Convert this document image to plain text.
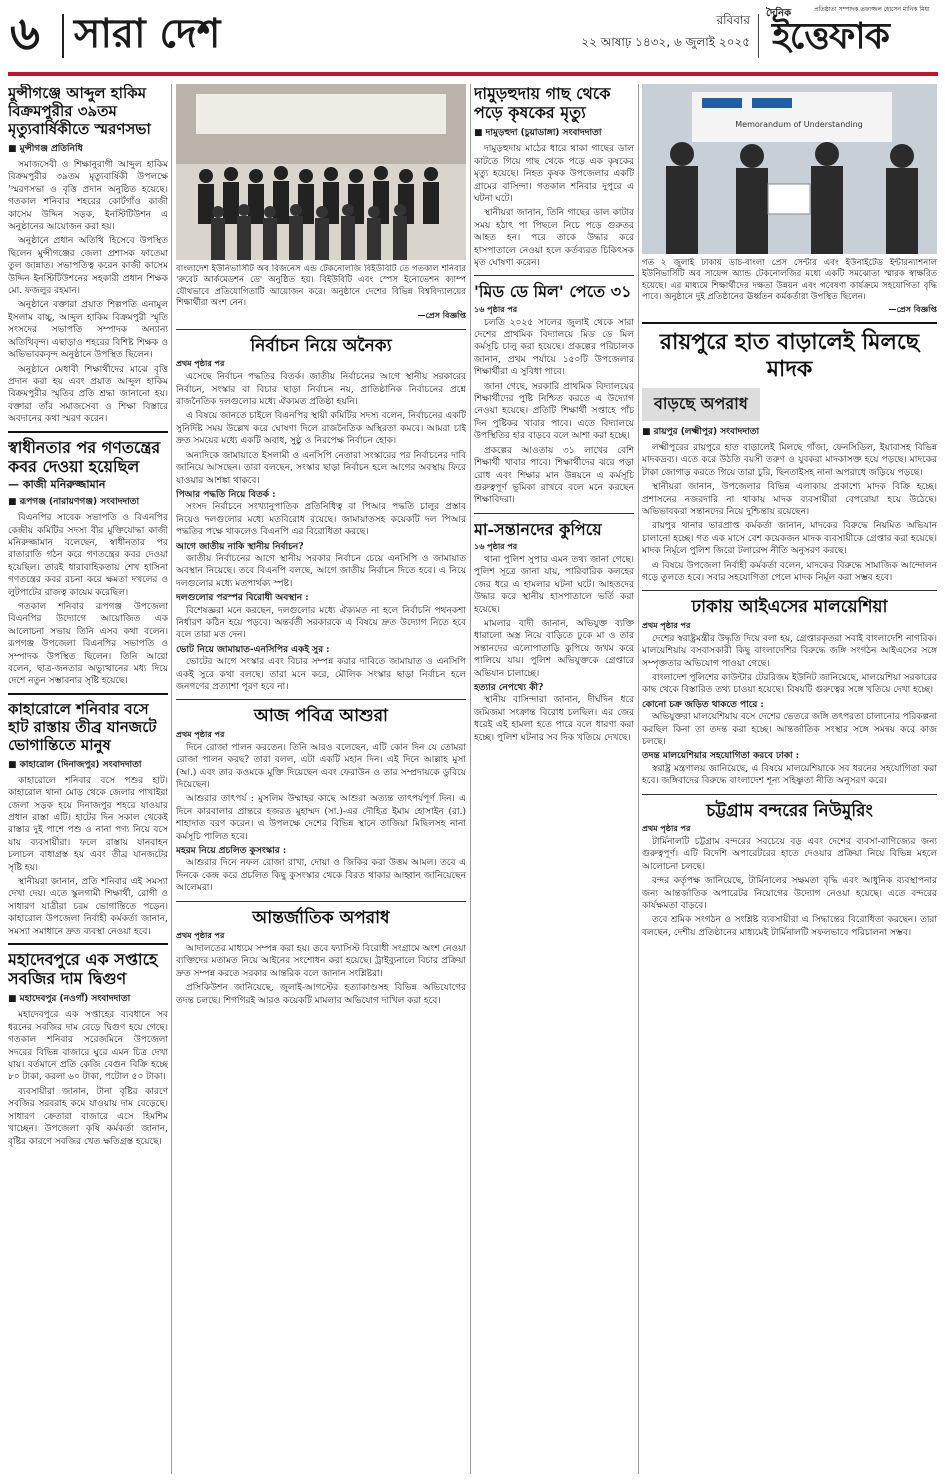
৬ সারা দেশ	রবিবার
২২ আষাঢ় ১৪৩২, ৬ জুলাই ২০২৫
দৈনিক	প্রতিষ্ঠাতা সম্পাদক তফাজ্জল হোসেন মানিক মিয়া
ইত্তেফাক
মুন্সীগঞ্জে আব্দুল হাকিম বিক্রমপুরীর ৩৯তম মৃত্যুবার্ষিকীতে স্মরণসভা
■ মুন্সীগঞ্জ প্রতিনিধি

সমাজসেবী ও শিক্ষানুরাগী আব্দুল হাকিম বিক্রমপুরীর ৩৯তম মৃত্যুবার্ষিকী উপলক্ষে 'স্মরণসভা ও বৃত্তি প্রদান অনুষ্ঠিত হয়েছে। গতকাল শনিবার শহরের কোর্টগাঁও কাজী কাসেম উদ্দিন সড়ক, ইনস্টিটিউশন এ অনুষ্ঠানের আয়োজন করা হয়।

অনুষ্ঠানে প্রধান অতিথি হিসেবে উপস্থিত ছিলেন মুন্সীগঞ্জের জেলা প্রশাসক ফাতেমা তুল জান্নাত। সভাপতিত্ব করেন কাজী কাসেম উদ্দিন ইনস্টিটিউশনের সহকারী প্রধান শিক্ষক মো. ফজলুর রহমান।

অনুষ্ঠানে বক্তারা প্রয়াত শিল্পপতি এনামুল ইসলাম বাচ্চু, আব্দুল হাকিম বিক্রমপুরী স্মৃতি সংসদের সভাপতি সম্পাদক অন্যান্য অতিথিবৃন্দ। এছাড়াও শহরের বিশিষ্ট শিক্ষক ও অভিভাবকবৃন্দ অনুষ্ঠানে উপস্থিত ছিলেন।

অনুষ্ঠানে মেধাবী শিক্ষার্থীদের মাঝে বৃত্তি প্রদান করা হয় এবং প্রয়াত আব্দুল হাকিম বিক্রমপুরীর স্মৃতির প্রতি শ্রদ্ধা জানানো হয়। বক্তারা তাঁর সমাজসেবা ও শিক্ষা বিস্তারে অবদানের কথা স্মরণ করেন।

স্বাধীনতার পর গণতন্ত্রের কবর দেওয়া হয়েছিল
— কাজী মনিরুজ্জামান
■ রূপগঞ্জ (নারায়ণগঞ্জ) সংবাদদাতা

বিএনপির সাবেক সভাপতি ও বিএনপির কেন্দ্রীয় কমিটির সদস্য বীর মুক্তিযোদ্ধা কাজী মনিরুজ্জামান বলেছেন, স্বাধীনতার পর রাতারাতি গঠন করে গণতন্ত্রের কবর দেওয়া হয়েছিল। তারই ধারাবাহিকতায় শেখ হাসিনা গণতন্ত্রের কবর রচনা করে ক্ষমতা দখলের ও লুটপাটের রাজত্ব কায়েম করেছিল।

গতকাল শনিবার রূপগঞ্জ উপজেলা বিএনপির উদ্যোগে আয়োজিত এক আলোচনা সভায় তিনি এসব কথা বলেন। রূপগঞ্জ উপজেলা বিএনপির সভাপতি ও সম্পাদক উপস্থিত ছিলেন। তিনি আরো বলেন, ছাত্র-জনতার অভ্যুত্থানের মধ্য দিয়ে দেশে নতুন সম্ভাবনার সৃষ্টি হয়েছে।

কাহারোলে শনিবার বসে হাট রাস্তায় তীব্র যানজটে ভোগান্তিতে মানুষ
■ কাহারোল (দিনাজপুর) সংবাদদাতা

কাহারোলে শনিবার বসে পশুর হাট। কাহারোল থানা মোড় থেকে জেলার পাখাইরা জেলা সড়ক হয়ে দিনাজপুর শহরে যাওয়ার প্রধান রাস্তা এটি। হাটের দিন সকাল থেকেই রাস্তার দুই পাশে পশু ও নানা পণ্য নিয়ে বসে যায় ব্যবসায়ীরা। ফলে রাস্তায় যানবাহন চলাচল বাধাগ্রস্ত হয় এবং তীব্র যানজটের সৃষ্টি হয়।

স্থানীয়রা জানান, প্রতি শনিবার এই সমস্যা দেখা দেয়। এতে স্কুলগামী শিক্ষার্থী, রোগী ও সাধারণ যাত্রীরা চরম ভোগান্তিতে পড়েন। কাহারোল উপজেলা নির্বাহী কর্মকর্তা জানান, সমস্যা সমাধানে দ্রুত ব্যবস্থা নেওয়া হবে।

মহাদেবপুরে এক সপ্তাহে সবজির দাম দ্বিগুণ
■ মহাদেবপুর (নওগাঁ) সংবাদদাতা

মহাদেবপুরে এক সপ্তাহের ব্যবধানে সব ধরনের সবজির দাম বেড়ে দ্বিগুণ হয়ে গেছে। গতকাল শনিবার সরেজমিনে উপজেলা সদরের বিভিন্ন বাজারে ঘুরে এমন চিত্র দেখা যায়। বর্তমানে প্রতি কেজি বেগুন বিক্রি হচ্ছে ৮০ টাকা, করলা ৬০ টাকা, পটোল ৫০ টাকা।

ব্যবসায়ীরা জানান, টানা বৃষ্টির কারণে সবজির সরবরাহ কমে যাওয়ায় দাম বেড়েছে। সাধারণ ক্রেতারা বাজারে এসে হিমশিম খাচ্ছেন। উপজেলা কৃষি কর্মকর্তা জানান, বৃষ্টির কারণে সবজির খেত ক্ষতিগ্রস্ত হয়েছে।

বাংলাদেশ ইউনিভার্সিটি অব বিজনেস এন্ড টেকনোলজি বিইউবিটি তে গতকাল শনিবার 'রুবেট আর্কমেডশন ডে' অনুষ্ঠিত হয়। বিইউবিটি এবং স্পেস ইনোভেশন ক্যাম্প যৌথভাবে প্রতিযোগিতাটি আয়োজন করে। অনুষ্ঠানে দেশের বিভিন্ন বিশ্ববিদ্যালয়ের শিক্ষার্থীরা অংশ নেন।
—প্রেস বিজ্ঞপ্তি
নির্বাচন নিয়ে অনৈক্য
প্রথম পৃষ্ঠার পর

এসেছে নির্বাচন পদ্ধতির বিতর্ক। জাতীয় নির্বাচনের আগে স্থানীয় সরকারের নির্বাচন, সংস্কার বা বিচার ছাড়া নির্বাচন নয়, প্রাতিষ্ঠানিক নির্বাচনের প্রশ্নে রাজনৈতিক দলগুলোর মধ্যে ঐক্যমত প্রতিষ্ঠা হয়নি।

এ বিষয়ে জানতে চাইলে বিএনপির স্থায়ী কমিটির সদস্য বলেন, নির্বাচনের একটি সুনির্দিষ্ট সময় উল্লেখ করে ঘোষণা দিলে রাজনৈতিক অস্থিরতা কমবে। আমরা চাই দ্রুত সময়ের মধ্যে একটি অবাধ, সুষ্ঠু ও নিরপেক্ষ নির্বাচন হোক।

অন্যদিকে জামায়াতে ইসলামী ও এনসিপি নেতারা সংস্কারের পর নির্বাচনের দাবি জানিয়ে আসছেন। তারা বলছেন, সংস্কার ছাড়া নির্বাচন হলে আগের অবস্থায় ফিরে যাওয়ার আশঙ্কা থাকবে।

পিআর পদ্ধতি নিয়ে বিতর্ক :

সংসদ নির্বাচনে সংখ্যানুপাতিক প্রতিনিধিত্ব বা পিআর পদ্ধতি চালুর প্রস্তাব নিয়েও দলগুলোর মধ্যে মতবিরোধ রয়েছে। জামায়াতসহ কয়েকটি দল পিআর পদ্ধতির পক্ষে থাকলেও বিএনপি এর বিরোধিতা করছে।

আগে জাতীয় নাকি স্থানীয় নির্বাচন?

জাতীয় নির্বাচনের আগে স্থানীয় সরকার নির্বাচন চেয়ে এনসিপি ও জামায়াত অবস্থান নিয়েছে। তবে বিএনপি বলছে, আগে জাতীয় নির্বাচন দিতে হবে। এ নিয়ে দলগুলোর মধ্যে মতপার্থক্য স্পষ্ট।

দলগুলোর পরস্পর বিরোধী অবস্থান :

বিশেষজ্ঞরা মনে করছেন, দলগুলোর মধ্যে ঐক্যমত না হলে নির্বাচনি পথনকশা নির্ধারণ কঠিন হয়ে পড়বে। অন্তর্বর্তী সরকারকে এ বিষয়ে দ্রুত উদ্যোগ নিতে হবে বলে তারা মত দেন।

ভোট নিয়ে জামায়াত-এনসিপির একই সুর :

ভোটের আগে সংস্কার এবং বিচার সম্পন্ন করার দাবিতে জামায়াত ও এনসিপি একই সুরে কথা বলছে। তারা মনে করে, মৌলিক সংস্কার ছাড়া নির্বাচন হলে জনগণের প্রত্যাশা পূরণ হবে না।

আজ পবিত্র আশুরা
প্রথম পৃষ্ঠার পর

দিনে রোজা পালন করতেন। তিনি আরও বলেছেন, এটি কোন দিন যে তোমরা রোজা পালন করছ? তারা বলল, এটা একটি মহান দিন। এই দিনে আল্লাহ মুসা (আ.) এবং তার কওমকে মুক্তি দিয়েছেন এবং ফেরাউন ও তার সম্প্রদায়কে ডুবিয়ে দিয়েছেন।

আশুরার তাৎপর্য : মুসলিম উম্মাহর কাছে আশুরা অত্যন্ত তাৎপর্যপূর্ণ দিন। এ দিনে কারবালার প্রান্তরে হজরত মুহাম্মদ (সা.)-এর দৌহিত্র ইমাম হোসাইন (রা.) শাহাদাত বরণ করেন। এ উপলক্ষে দেশের বিভিন্ন স্থানে তাজিয়া মিছিলসহ নানা কর্মসূচি পালিত হবে।

মহরম নিয়ে প্রচলিত কুসংস্কার :

আশুরার দিনে নফল রোজা রাখা, দোয়া ও জিকির করা উত্তম আমল। তবে এ দিনকে কেন্দ্র করে প্রচলিত কিছু কুসংস্কার থেকে বিরত থাকার আহ্বান জানিয়েছেন আলেমরা।

আন্তর্জাতিক অপরাধ
প্রথম পৃষ্ঠার পর

আদালতের মাধ্যমে সম্পন্ন করা হয়। তবে ফ্যাসিস্ট বিরোধী সংগ্রামে অংশ নেওয়া ব্যক্তিদের মতামত নিয়ে আইনের সংশোধন করা হয়েছে। ট্রাইব্যুনালে বিচার প্রক্রিয়া দ্রুত সম্পন্ন করতে সরকার আন্তরিক বলে জানান সংশ্লিষ্টরা।

প্রসিকিউশন জানিয়েছে, জুলাই-আগস্টের হত্যাকাণ্ডসহ বিভিন্ন অভিযোগের তদন্ত চলছে। শিগগিরই আরও কয়েকটি মামলার অভিযোগ দাখিল করা হবে।

দামুড়হুদায় গাছ থেকে পড়ে কৃষকের মৃত্যু
■ দামুড়হুদা (চুয়াডাঙ্গা) সংবাদদাতা

দামুড়হুদায় মাঠের ধারে থাকা গাছের ডাল কাটতে গিয়ে গাছ থেকে পড়ে এক কৃষকের মৃত্যু হয়েছে। নিহত কৃষক উপজেলার একটি গ্রামের বাসিন্দা। গতকাল শনিবার দুপুরে এ ঘটনা ঘটে।

স্থানীয়রা জানান, তিনি গাছের ডাল কাটার সময় হঠাৎ পা পিছলে নিচে পড়ে গুরুতর আহত হন। পরে তাকে উদ্ধার করে হাসপাতালে নেওয়া হলে কর্তব্যরত চিকিৎসক মৃত ঘোষণা করেন।

'মিড ডে মিল' পেতে ৩১
১৬ পৃষ্ঠার পর

চলতি ২০২৫ সালের জুলাই থেকে সারা দেশের প্রাথমিক বিদ্যালয়ে মিড ডে মিল কর্মসূচি চালু করা হয়েছে। প্রকল্পের পরিচালক জানান, প্রথম পর্যায়ে ১৫০টি উপজেলার শিক্ষার্থীরা এ সুবিধা পাবে।

জানা গেছে, সরকারি প্রাথমিক বিদ্যালয়ের শিক্ষার্থীদের পুষ্টি নিশ্চিত করতে এ উদ্যোগ নেওয়া হয়েছে। প্রতিটি শিক্ষার্থী সপ্তাহে পাঁচ দিন পুষ্টিকর খাবার পাবে। এতে বিদ্যালয়ে উপস্থিতির হার বাড়বে বলে আশা করা হচ্ছে।

প্রকল্পের আওতায় ৩১ লাখের বেশি শিক্ষার্থী খাবার পাবে। শিক্ষার্থীদের ঝরে পড়া রোধ এবং শিক্ষার মান উন্নয়নে এ কর্মসূচি গুরুত্বপূর্ণ ভূমিকা রাখবে বলে মনে করছেন শিক্ষাবিদরা।

মা-সন্তানদের কুপিয়ে
১৬ পৃষ্ঠার পর

থানা পুলিশ সুপার এমন তথ্য জানা গেছে। পুলিশ সূত্রে জানা যায়, পারিবারিক কলহের জের ধরে এ হামলার ঘটনা ঘটে। আহতদের উদ্ধার করে স্থানীয় হাসপাতালে ভর্তি করা হয়েছে।

মামলার বাদী জানান, অভিযুক্ত ব্যক্তি ধারালো অস্ত্র নিয়ে বাড়িতে ঢুকে মা ও তার সন্তানদের এলোপাতাড়ি কুপিয়ে জখম করে পালিয়ে যায়। পুলিশ অভিযুক্তকে গ্রেপ্তারে অভিযান চালাচ্ছে।

হত্যার নেপথ্যে কী?

স্থানীয় বাসিন্দারা জানান, দীর্ঘদিন ধরে জমিজমা সংক্রান্ত বিরোধ চলছিল। এর জের ধরেই এই হামলা হতে পারে বলে ধারণা করা হচ্ছে। পুলিশ ঘটনার সব দিক খতিয়ে দেখছে।

Memorandum of Understanding
গত ২ জুলাই ঢাকায় ডাচ-বাংলা প্রেস সেন্টার এবং ইউনাইটেড ইন্টারন্যাশনাল ইউনিভার্সিটি অব সায়েন্স অ্যান্ড টেকনোলজির মধ্যে একটি সমঝোতা স্মারক স্বাক্ষরিত হয়েছে। এর মাধ্যমে শিক্ষার্থীদের দক্ষতা উন্নয়ন এবং গবেষণা কার্যক্রমে সহযোগিতা বৃদ্ধি পাবে। অনুষ্ঠানে দুই প্রতিষ্ঠানের ঊর্ধ্বতন কর্মকর্তারা উপস্থিত ছিলেন।
—প্রেস বিজ্ঞপ্তি
রায়পুরে হাত বাড়ালেই মিলছে মাদক
বাড়ছে অপরাধ
■ রায়পুর (লক্ষ্মীপুর) সংবাদদাতা

লক্ষ্মীপুরের রায়পুরে হাত বাড়ালেই মিলছে গাঁজা, ফেনসিডিল, ইয়াবাসহ বিভিন্ন মাদকদ্রব্য। এতে করে উঠতি বয়সী তরুণ ও যুবকরা মাদকাসক্ত হয়ে পড়ছে। মাদকের টাকা জোগাড় করতে গিয়ে তারা চুরি, ছিনতাইসহ নানা অপরাধে জড়িয়ে পড়ছে।

স্থানীয়রা জানান, উপজেলার বিভিন্ন এলাকায় প্রকাশ্যে মাদক বিক্রি হচ্ছে। প্রশাসনের নজরদারি না থাকায় মাদক ব্যবসায়ীরা বেপরোয়া হয়ে উঠেছে। অভিভাবকরা সন্তানদের নিয়ে দুশ্চিন্তায় রয়েছেন।

রায়পুর থানার ভারপ্রাপ্ত কর্মকর্তা জানান, মাদকের বিরুদ্ধে নিয়মিত অভিযান চালানো হচ্ছে। গত এক মাসে বেশ কয়েকজন মাদক ব্যবসায়ীকে গ্রেপ্তার করা হয়েছে। মাদক নির্মূলে পুলিশ জিরো টলারেন্স নীতি অনুসরণ করছে।

এ বিষয়ে উপজেলা নির্বাহী কর্মকর্তা বলেন, মাদকের বিরুদ্ধে সামাজিক আন্দোলন গড়ে তুলতে হবে। সবার সহযোগিতা পেলে মাদক নির্মূল করা সম্ভব হবে।

ঢাকায় আইএসের মালয়েশিয়া
প্রথম পৃষ্ঠার পর

দেশের স্বরাষ্ট্রমন্ত্রীর উদ্ধৃতি দিয়ে বলা হয়, গ্রেপ্তারকৃতরা সবাই বাংলাদেশি নাগরিক। মালয়েশিয়ায় বসবাসকারী কিছু বাংলাদেশির বিরুদ্ধে জঙ্গি সংগঠন আইএসের সঙ্গে সম্পৃক্ততার অভিযোগ পাওয়া গেছে।

বাংলাদেশ পুলিশের কাউন্টার টেররিজম ইউনিট জানিয়েছে, মালয়েশিয়া সরকারের কাছ থেকে বিস্তারিত তথ্য চাওয়া হয়েছে। বিষয়টি গুরুত্বের সঙ্গে খতিয়ে দেখা হচ্ছে।

কোনো চক্র জড়িত থাকতে পারে :

অভিযুক্তরা মালয়েশিয়ায় বসে দেশের ভেতরে জঙ্গি তৎপরতা চালানোর পরিকল্পনা করছিল কিনা তা তদন্ত করা হচ্ছে। আন্তর্জাতিক সংস্থার সঙ্গে সমন্বয় করে কাজ চলছে।

তদন্ত মালয়েশিয়ার সহযোগিতা করবে ঢাকা :

স্বরাষ্ট্র মন্ত্রণালয় জানিয়েছে, এ বিষয়ে মালয়েশিয়াকে সব ধরনের সহযোগিতা করা হবে। জঙ্গিবাদের বিরুদ্ধে বাংলাদেশ শূন্য সহিষ্ণুতা নীতি অনুসরণ করে।

চট্টগ্রাম বন্দরের নিউমুরিং
প্রথম পৃষ্ঠার পর

টার্মিনালটি চট্টগ্রাম বন্দরের সবচেয়ে বড় এবং দেশের ব্যবসা-বাণিজ্যের জন্য গুরুত্বপূর্ণ। এটি বিদেশি অপারেটরের হাতে দেওয়ার প্রক্রিয়া নিয়ে বিভিন্ন মহলে আলোচনা চলছে।

বন্দর কর্তৃপক্ষ জানিয়েছে, টার্মিনালের সক্ষমতা বৃদ্ধি এবং আধুনিক ব্যবস্থাপনার জন্য আন্তর্জাতিক অপারেটর নিয়োগের উদ্যোগ নেওয়া হয়েছে। এতে বন্দরের কার্যক্ষমতা বাড়বে।

তবে শ্রমিক সংগঠন ও সংশ্লিষ্ট ব্যবসায়ীরা এ সিদ্ধান্তের বিরোধিতা করছেন। তারা বলছেন, দেশীয় প্রতিষ্ঠানের মাধ্যমেই টার্মিনালটি সফলভাবে পরিচালনা সম্ভব।
